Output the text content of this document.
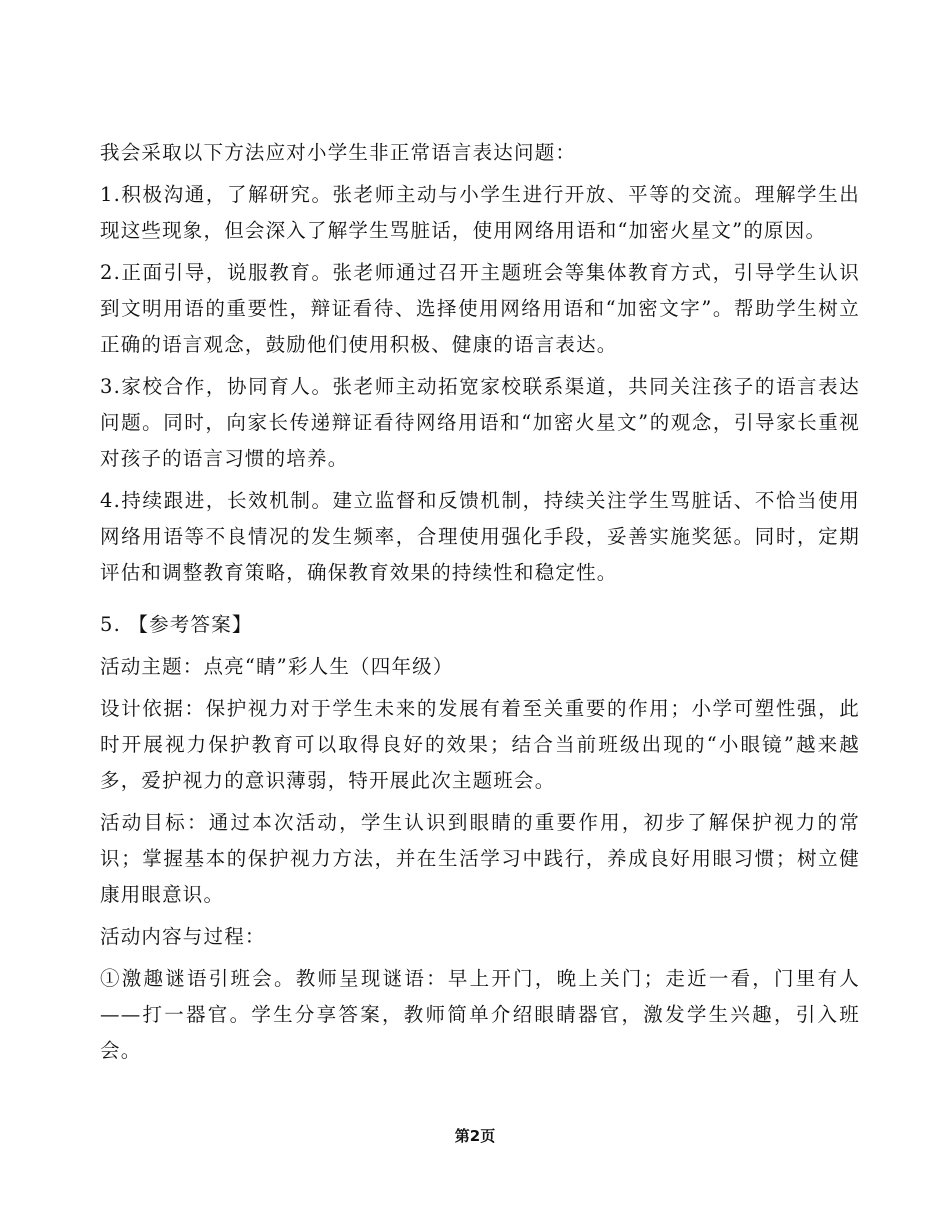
我会采取以下方法应对小学生非正常语言表达问题：

1.积极沟通，了解研究。张老师主动与小学生进行开放、平等的交流。理解学生出现这些现象，但会深入了解学生骂脏话，使用网络用语和“加密火星文”的原因。

2.正面引导，说服教育。张老师通过召开主题班会等集体教育方式，引导学生认识到文明用语的重要性，辩证看待、选择使用网络用语和“加密文字”。帮助学生树立正确的语言观念，鼓励他们使用积极、健康的语言表达。

3.家校合作，协同育人。张老师主动拓宽家校联系渠道，共同关注孩子的语言表达问题。同时，向家长传递辩证看待网络用语和“加密火星文”的观念，引导家长重视对孩子的语言习惯的培养。

4.持续跟进，长效机制。建立监督和反馈机制，持续关注学生骂脏话、不恰当使用网络用语等不良情况的发生频率，合理使用强化手段，妥善实施奖惩。同时，定期评估和调整教育策略，确保教育效果的持续性和稳定性。

5. 【参考答案】

活动主题：点亮“睛”彩人生（四年级）

设计依据：保护视力对于学生未来的发展有着至关重要的作用；小学可塑性强，此时开展视力保护教育可以取得良好的效果；结合当前班级出现的“小眼镜”越来越多，爱护视力的意识薄弱，特开展此次主题班会。

活动目标：通过本次活动，学生认识到眼睛的重要作用，初步了解保护视力的常识；掌握基本的保护视力方法，并在生活学习中践行，养成良好用眼习惯；树立健康用眼意识。

活动内容与过程：

①激趣谜语引班会。教师呈现谜语：早上开门，晚上关门；走近一看，门里有人——打一器官。学生分享答案，教师简单介绍眼睛器官，激发学生兴趣，引入班会。

第2页
